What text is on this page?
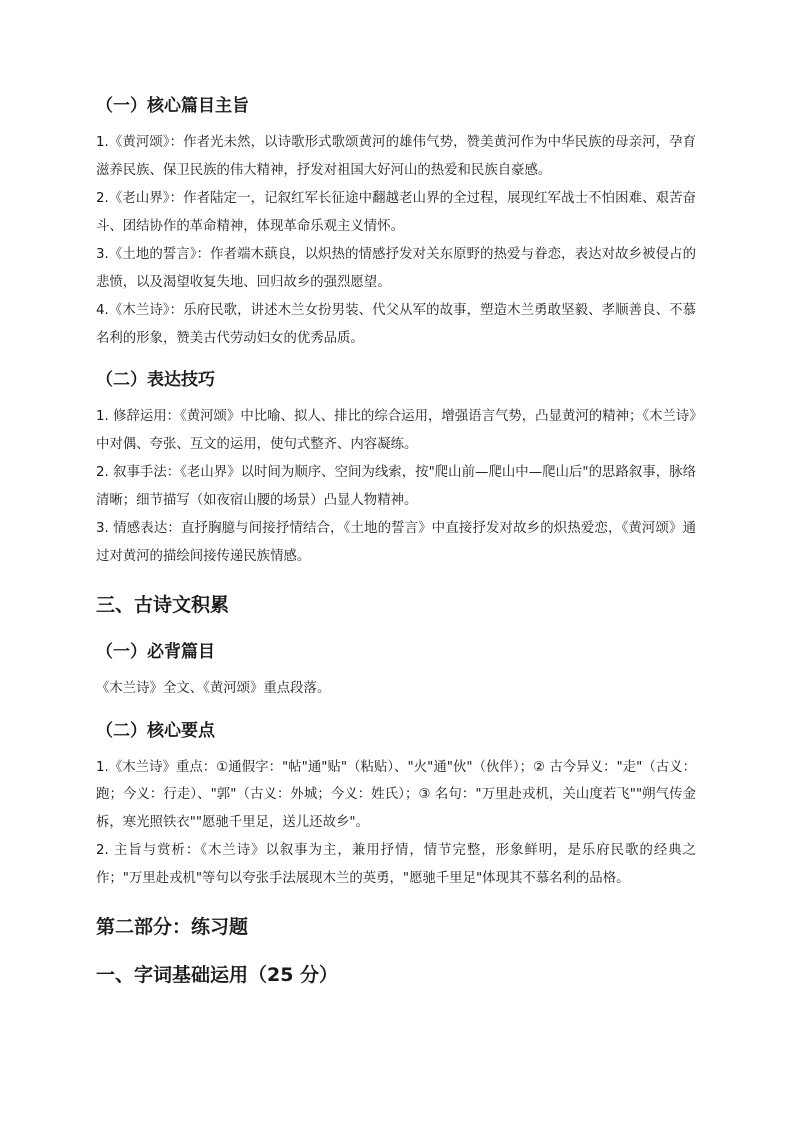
（一）核心篇目主旨

1.《黄河颂》：作者光未然，以诗歌形式歌颂黄河的雄伟气势，赞美黄河作为中华民族的母亲河，孕育滋养民族、保卫民族的伟大精神，抒发对祖国大好河山的热爱和民族自豪感。

2.《老山界》：作者陆定一，记叙红军长征途中翻越老山界的全过程，展现红军战士不怕困难、艰苦奋斗、团结协作的革命精神，体现革命乐观主义情怀。

3.《土地的誓言》：作者端木蕻良，以炽热的情感抒发对关东原野的热爱与眷恋，表达对故乡被侵占的悲愤，以及渴望收复失地、回归故乡的强烈愿望。

4.《木兰诗》：乐府民歌，讲述木兰女扮男装、代父从军的故事，塑造木兰勇敢坚毅、孝顺善良、不慕名利的形象，赞美古代劳动妇女的优秀品质。

（二）表达技巧

1. 修辞运用：《黄河颂》中比喻、拟人、排比的综合运用，增强语言气势，凸显黄河的精神；《木兰诗》中对偶、夸张、互文的运用，使句式整齐、内容凝练。

2. 叙事手法：《老山界》以时间为顺序、空间为线索，按"爬山前—爬山中—爬山后"的思路叙事，脉络清晰；细节描写（如夜宿山腰的场景）凸显人物精神。

3. 情感表达：直抒胸臆与间接抒情结合，《土地的誓言》中直接抒发对故乡的炽热爱恋，《黄河颂》通过对黄河的描绘间接传递民族情感。

三、古诗文积累
（一）必背篇目

《木兰诗》全文、《黄河颂》重点段落。

（二）核心要点

1.《木兰诗》重点：①通假字："帖"通"贴"（粘贴）、"火"通"伙"（伙伴）；② 古今异义："走"（古义：跑；今义：行走）、"郭"（古义：外城；今义：姓氏）；③ 名句："万里赴戎机，关山度若飞""朔气传金柝，寒光照铁衣""愿驰千里足，送儿还故乡"。

2. 主旨与赏析：《木兰诗》以叙事为主，兼用抒情，情节完整，形象鲜明，是乐府民歌的经典之作；"万里赴戎机"等句以夸张手法展现木兰的英勇，"愿驰千里足"体现其不慕名利的品格。

第二部分：练习题
一、字词基础运用（25 分）
